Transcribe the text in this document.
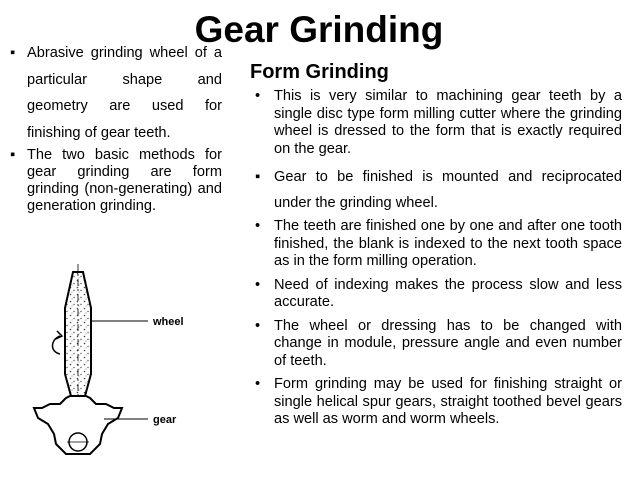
Gear Grinding
▪ Abrasive grinding wheel of a particular shape and geometry are used for finishing of gear teeth.
▪ The two basic methods for gear grinding are form grinding (non-generating) and generation grinding.
Form Grinding
• This is very similar to machining gear teeth by a single disc type form milling cutter where the grinding wheel is dressed to the form that is exactly required on the gear.
▪ Gear to be finished is mounted and reciprocated under the grinding wheel.
• The teeth are finished one by one and after one tooth finished, the blank is indexed to the next tooth space as in the form milling operation.
• Need of indexing makes the process slow and less accurate.
• The wheel or dressing has to be changed with change in module, pressure angle and even number of teeth.
• Form grinding may be used for finishing straight or single helical spur gears, straight toothed bevel gears as well as worm and worm wheels.
wheel
gear
